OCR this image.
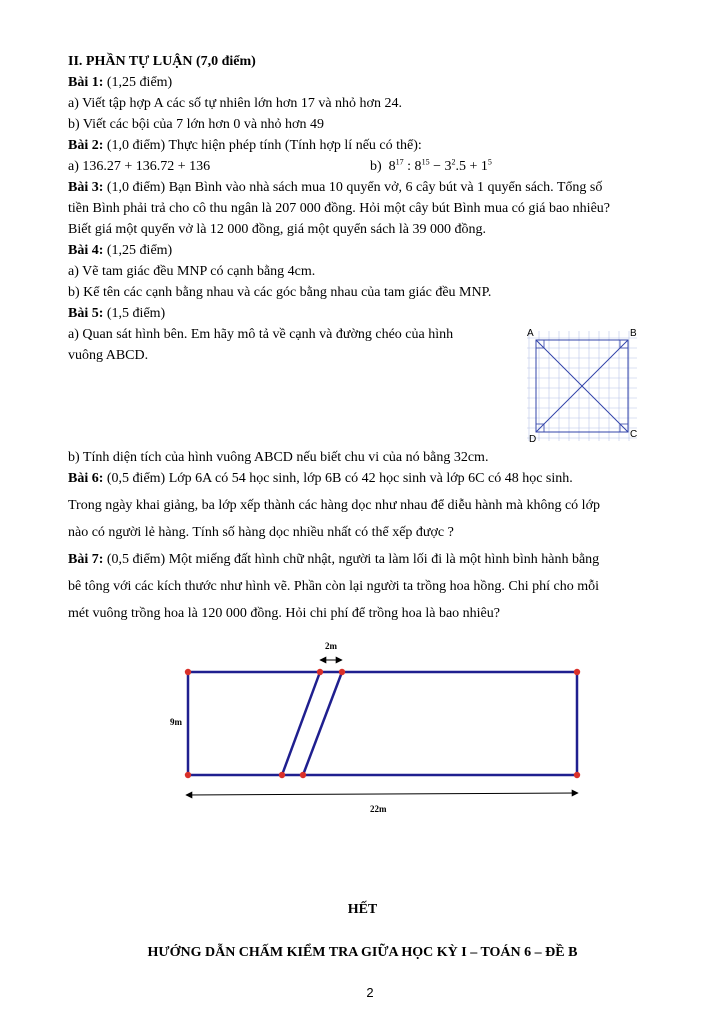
II. PHẦN TỰ LUẬN (7,0 điểm)
Bài 1: (1,25 điểm)
a) Viết tập hợp A các số tự nhiên lớn hơn 17 và nhỏ hơn 24.
b) Viết các bội của 7 lớn hơn 0 và nhỏ hơn 49
Bài 2: (1,0 điểm) Thực hiện phép tính (Tính hợp lí nếu có thể):
a) 136.27 + 136.72 + 136	b) $8^{17}$ : $8^{15} - 3^2.5 + 1^5$
Bài 3: (1,0 điểm) Bạn Bình vào nhà sách mua 10 quyển vở, 6 cây bút và 1 quyển sách. Tổng số
tiền Bình phải trả cho cô thu ngân là 207 000 đồng. Hỏi một cây bút Bình mua có giá bao nhiêu?
Biết giá một quyển vở là 12 000 đồng, giá một quyển sách là 39 000 đồng.
Bài 4: (1,25 điểm)
a) Vẽ tam giác đều MNP có cạnh bằng 4cm.
b) Kể tên các cạnh bằng nhau và các góc bằng nhau của tam giác đều MNP.
Bài 5: (1,5 điểm)
a) Quan sát hình bên. Em hãy mô tả về cạnh và đường chéo của hình
vuông ABCD.
A	B
C
D
b) Tính diện tích của hình vuông ABCD nếu biết chu vi của nó bằng 32cm.
Bài 6: (0,5 điểm) Lớp 6A có 54 học sinh, lớp 6B có 42 học sinh và lớp 6C có 48 học sinh.
Trong ngày khai giảng, ba lớp xếp thành các hàng dọc như nhau để diễu hành mà không có lớp
nào có người lẻ hàng. Tính số hàng dọc nhiều nhất có thể xếp được ?
Bài 7: (0,5 điểm) Một miếng đất hình chữ nhật, người ta làm lối đi là một hình bình hành bằng
bê tông với các kích thước như hình vẽ. Phần còn lại người ta trồng hoa hồng. Chi phí cho mỗi
mét vuông trồng hoa là 120 000 đồng. Hỏi chi phí để trồng hoa là bao nhiêu?
2m
9m
22m
HẾT
HƯỚNG DẪN CHẤM KIỂM TRA GIỮA HỌC KỲ I – TOÁN 6 – ĐỀ B
2
